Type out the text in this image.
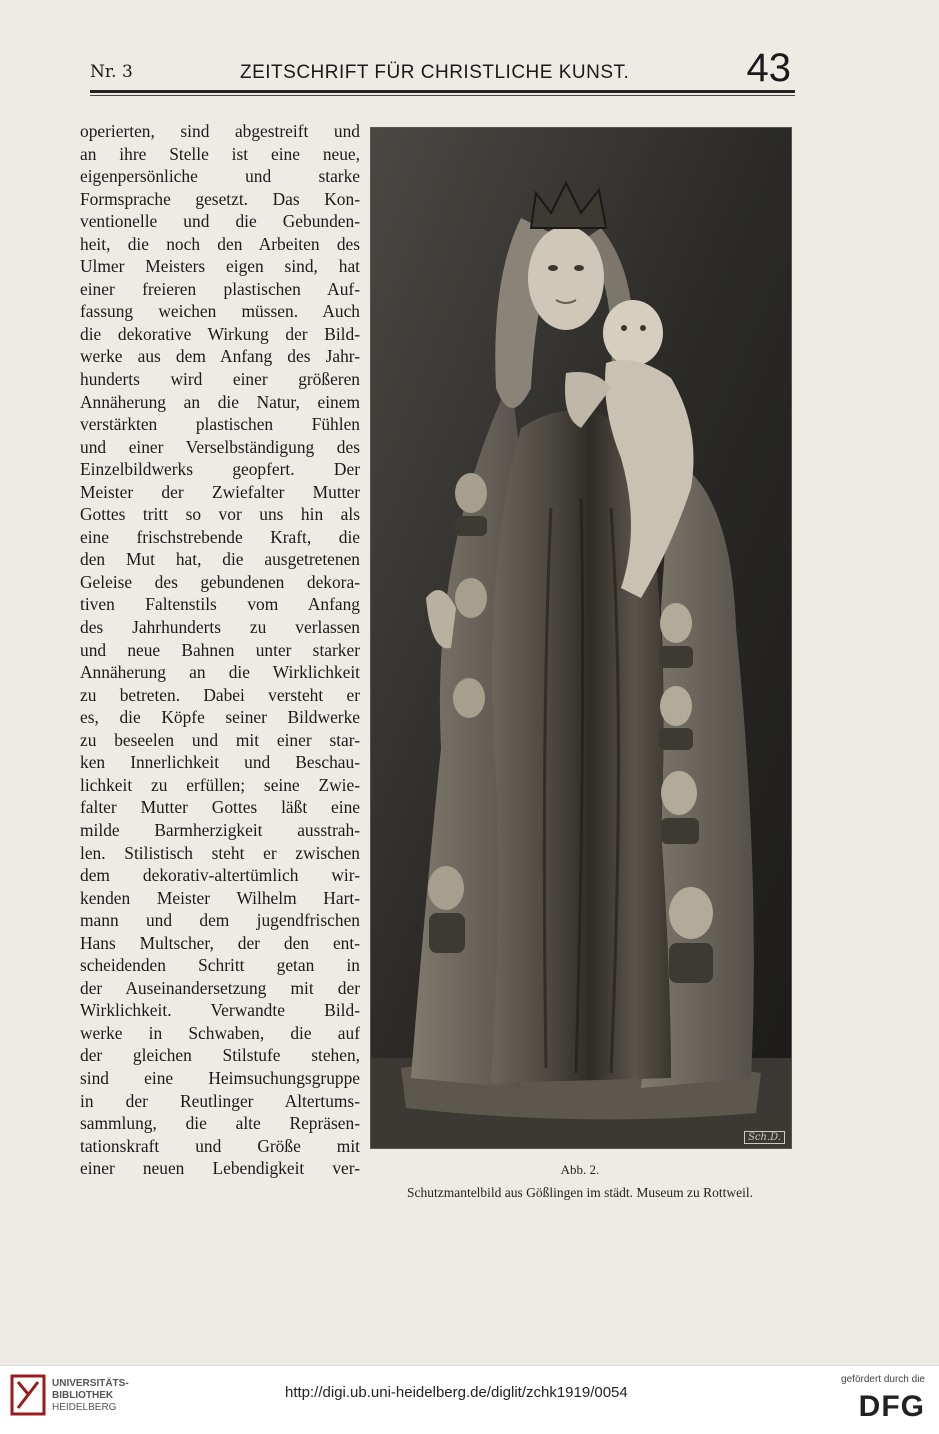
Nr. 3	ZEITSCHRIFT FÜR CHRISTLICHE KUNST.	43
operierten, sind abgestreift und
an ihre Stelle ist eine neue,
eigenpersönliche und starke
Formsprache gesetzt. Das Kon-
ventionelle und die Gebunden-
heit, die noch den Arbeiten des
Ulmer Meisters eigen sind, hat
einer freieren plastischen Auf-
fassung weichen müssen. Auch
die dekorative Wirkung der Bild-
werke aus dem Anfang des Jahr-
hunderts wird einer größeren
Annäherung an die Natur, einem
verstärkten plastischen Fühlen
und einer Verselbständigung des
Einzelbildwerks geopfert. Der
Meister der Zwiefalter Mutter
Gottes tritt so vor uns hin als
eine frischstrebende Kraft, die
den Mut hat, die ausgetretenen
Geleise des gebundenen dekora-
tiven Faltenstils vom Anfang
des Jahrhunderts zu verlassen
und neue Bahnen unter starker
Annäherung an die Wirklichkeit
zu betreten. Dabei versteht er
es, die Köpfe seiner Bildwerke
zu beseelen und mit einer star-
ken Innerlichkeit und Beschau-
lichkeit zu erfüllen; seine Zwie-
falter Mutter Gottes läßt eine
milde Barmherzigkeit ausstrah-
len. Stilistisch steht er zwischen
dem dekorativ-altertümlich wir-
kenden Meister Wilhelm Hart-
mann und dem jugendfrischen
Hans Multscher, der den ent-
scheidenden Schritt getan in
der Auseinandersetzung mit der
Wirklichkeit. Verwandte Bild-
werke in Schwaben, die auf
der gleichen Stilstufe stehen,
sind eine Heimsuchungsgruppe
in der Reutlinger Altertums-
sammlung, die alte Repräsen-
tationskraft und Größe mit
einer neuen Lebendigkeit ver-
Sch.D.
Abb. 2.
Schutzmantelbild aus Gößlingen im städt. Museum zu Rottweil.
UNIVERSITÄTS-
BIBLIOTHEK
HEIDELBERG
http://digi.ub.uni-heidelberg.de/diglit/zchk1919/0054
gefördert durch die
DFG
